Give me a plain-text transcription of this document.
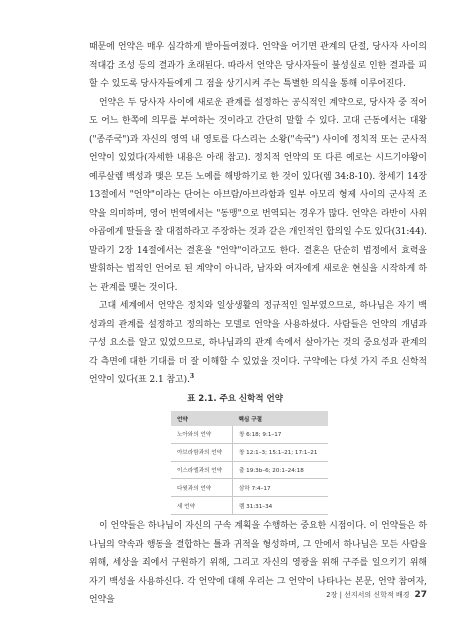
때문에 언약은 매우 심각하게 받아들여졌다. 언약을 어기면 관계의 단절, 당사자 사이의 적대감 조성 등의 결과가 초래된다. 따라서 언약은 당사자들이 불성실로 인한 결과를 피할 수 있도록 당사자들에게 그 점을 상기시켜 주는 특별한 의식을 통해 이루어진다.

언약은 두 당사자 사이에 새로운 관계를 설정하는 공식적인 계약으로, 당사자 중 적어도 어느 한쪽에 의무를 부여하는 것이라고 간단히 말할 수 있다. 고대 근동에서는 대왕("종주국")과 자신의 영역 내 영토를 다스리는 소왕("속국") 사이에 정치적 또는 군사적 언약이 있었다(자세한 내용은 아래 참고). 정치적 언약의 또 다른 예로는 시드기야왕이 예루살렘 백성과 맺은 모든 노예를 해방하기로 한 것이 있다(렘 34:8-10). 창세기 14장 13절에서 "언약"이라는 단어는 아브람/아브라함과 일부 아모리 형제 사이의 군사적 조약을 의미하며, 영어 번역에서는 "동맹"으로 번역되는 경우가 많다. 언약은 라반이 사위 야곱에게 딸들을 잘 대접하라고 주장하는 것과 같은 개인적인 합의일 수도 있다(31:44). 말라기 2장 14절에서는 결혼을 "언약"이라고도 한다. 결혼은 단순히 법정에서 효력을 발휘하는 법적인 언어로 된 계약이 아니라, 남자와 여자에게 새로운 현실을 시작하게 하는 관계를 맺는 것이다.

고대 세계에서 언약은 정치와 일상생활의 정규적인 일부였으므로, 하나님은 자기 백성과의 관계를 설정하고 정의하는 모델로 언약을 사용하셨다. 사람들은 언약의 개념과 구성 요소를 알고 있었으므로, 하나님과의 관계 속에서 살아가는 것의 중요성과 관계의 각 측면에 대한 기대를 더 잘 이해할 수 있었을 것이다. 구약에는 다섯 가지 주요 신학적 언약이 있다(표 2.1 참고).$^3$

표 2.1. 주요 신학적 언약
언약	핵심 구절
노아와의 언약	창 6:18; 9:1–17
아브라함과의 언약	창 12:1–3; 15:1–21; 17:1–21
이스라엘과의 언약	출 19:3b–6; 20:1–24:18
다윗과의 언약	삼하 7:4–17
새 언약	렘 31:31–34

이 언약들은 하나님이 자신의 구속 계획을 수행하는 중요한 시점이다. 이 언약들은 하나님의 약속과 행동을 결합하는 틀과 귀적을 형성하며, 그 안에서 하나님은 모든 사람을 위해, 세상을 죄에서 구원하기 위해, 그리고 자신의 영광을 위해 구주를 일으키기 위해 자기 백성을 사용하신다. 각 언약에 대해 우리는 그 언약이 나타나는 본문, 언약 참여자, 언약을	2장 | 선지서의 신학적 배경 27
